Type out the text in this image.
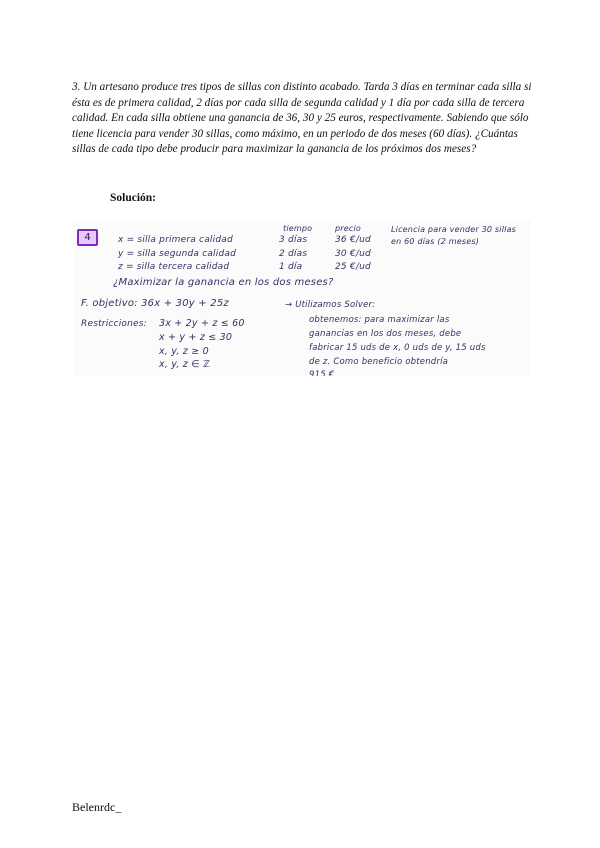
3. Un artesano produce tres tipos de sillas con distinto acabado. Tarda 3 días en terminar cada silla si ésta es de primera calidad, 2 días por cada silla de segunda calidad y 1 día por cada silla de tercera calidad. En cada silla obtiene una ganancia de 36, 30 y 25 euros, respectivamente. Sabiendo que sólo tiene licencia para vender 30 sillas, como máximo, en un periodo de dos meses (60 días). ¿Cuántas sillas de cada tipo debe producir para maximizar la ganancia de los próximos dos meses?

Solución:

4
tiempo	precio	Licencia para vender 30 sillas
en 60 días (2 meses)
x = silla primera calidad	3 días	36 €/ud
y = silla segunda calidad	2 días	30 €/ud
z = silla tercera calidad	1 día	25 €/ud
¿Maximizar la ganancia en los dos meses?
F. objetivo: 36x + 30y + 25z
Restricciones: 3x + 2y + z ≤ 60
x + y + z ≤ 30
x, y, z ≥ 0
x, y, z ∈ ℤ
→ Utilizamos Solver:
obtenemos: para maximizar las
ganancias en los dos meses, debe
fabricar 15 uds de x, 0 uds de y, 15 uds
de z. Como beneficio obtendría
915 €

Belenrdc_
